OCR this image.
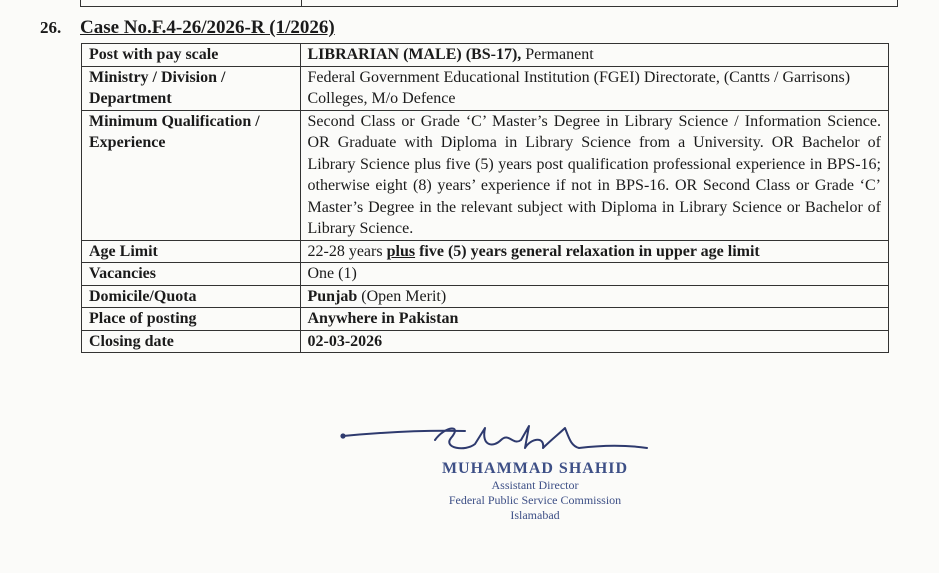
26. Case No.F.4-26/2026-R (1/2026)
Post with pay scale	LIBRARIAN (MALE) (BS-17), Permanent
Ministry / Division / Department	Federal Government Educational Institution (FGEI) Directorate, (Cantts / Garrisons) Colleges, M/o Defence
Minimum Qualification / Experience	Second Class or Grade ‘C’ Master’s Degree in Library Science / Information Science. OR Graduate with Diploma in Library Science from a University. OR Bachelor of Library Science plus five (5) years post qualification professional experience in BPS-16; otherwise eight (8) years’ experience if not in BPS-16. OR Second Class or Grade ‘C’ Master’s Degree in the relevant subject with Diploma in Library Science or Bachelor of Library Science.
Age Limit	22-28 years plus five (5) years general relaxation in upper age limit
Vacancies	One (1)
Domicile/Quota	Punjab (Open Merit)
Place of posting	Anywhere in Pakistan
Closing date	02-03-2026
MUHAMMAD SHAHID
Assistant Director
Federal Public Service Commission
Islamabad
